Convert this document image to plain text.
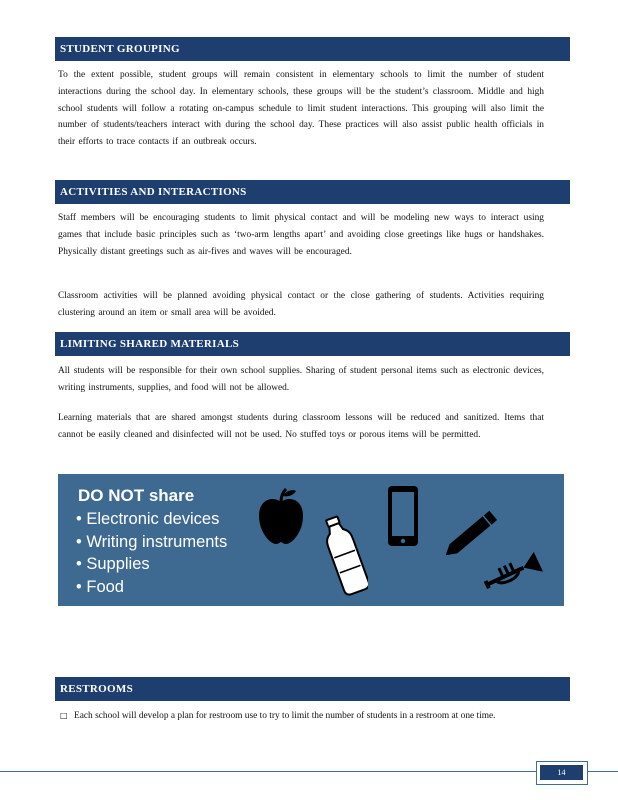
STUDENT GROUPING

To the extent possible, student groups will remain consistent in elementary schools to limit the number of student interactions during the school day. In elementary schools, these groups will be the student’s classroom. Middle and high school students will follow a rotating on-campus schedule to limit student interactions. This grouping will also limit the number of students/teachers interact with during the school day. These practices will also assist public health officials in their efforts to trace contacts if an outbreak occurs.

ACTIVITIES AND INTERACTIONS

Staff members will be encouraging students to limit physical contact and will be modeling new ways to interact using games that include basic principles such as ‘two-arm lengths apart’ and avoiding close greetings like hugs or handshakes. Physically distant greetings such as air-fives and waves will be encouraged.

Classroom activities will be planned avoiding physical contact or the close gathering of students. Activities requiring clustering around an item or small area will be avoided.

LIMITING SHARED MATERIALS

All students will be responsible for their own school supplies. Sharing of student personal items such as electronic devices, writing instruments, supplies, and food will not be allowed.

Learning materials that are shared amongst students during classroom lessons will be reduced and sanitized. Items that cannot be easily cleaned and disinfected will not be used. No stuffed toys or porous items will be permitted.

DO NOT share
• Electronic devices
• Writing instruments
• Supplies
• Food
RESTROOMS
□ Each school will develop a plan for restroom use to try to limit the number of students in a restroom at one time.
14
